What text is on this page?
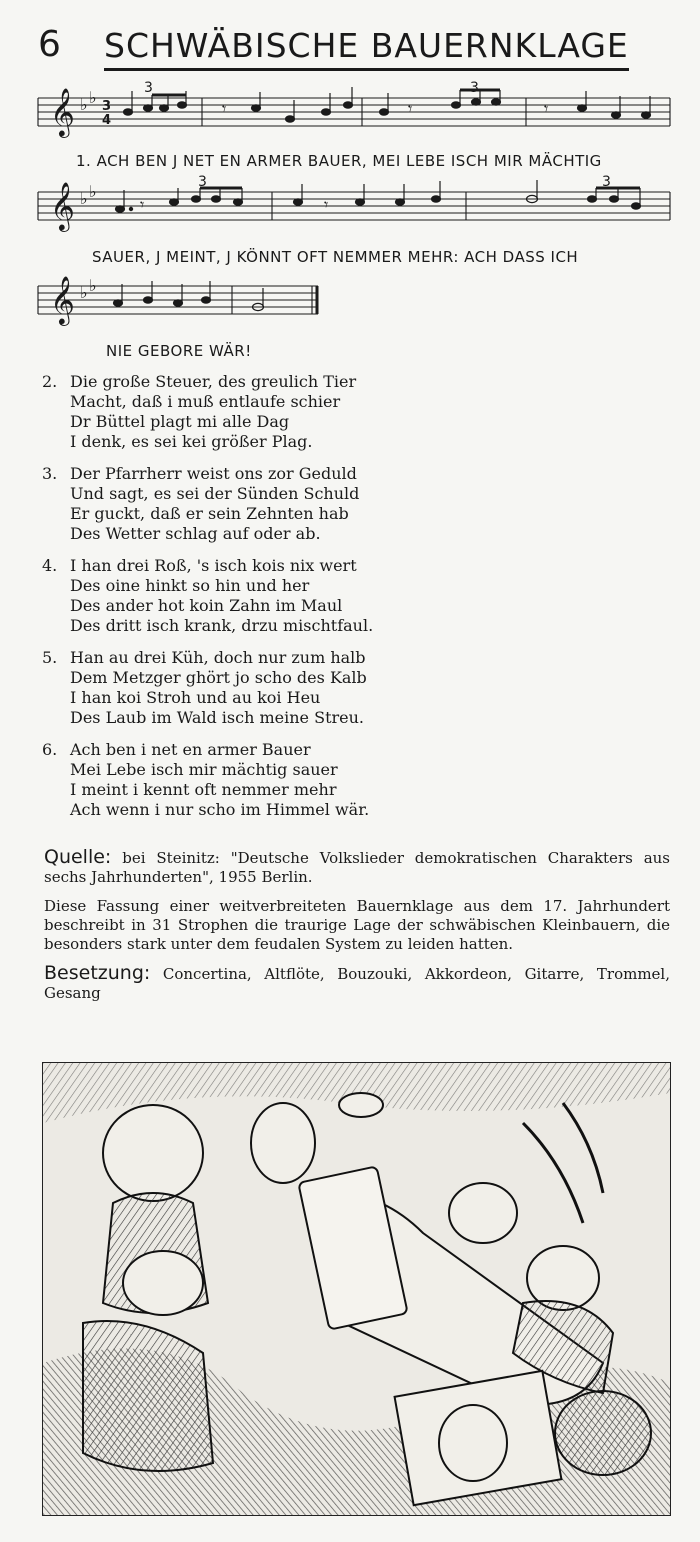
6 SCHWÄBISCHE BAUERNKLAGE
𝄞 ♭ ♭ 3
4
3	3
𝄾	𝄾	𝄾
1. ACH BEN J NET EN ARMER BAUER, MEI LEBE ISCH MIR MÄCHTIG
𝄞 ♭ ♭	3	3
𝄾	𝄾
SAUER, J MEINT, J KÖNNT OFT NEMMER MEHR: ACH DASS ICH
𝄞 ♭ ♭
NIE GEBORE WÄR!
2. Die große Steuer, des greulich Tier
Macht, daß i muß entlaufe schier
Dr Büttel plagt mi alle Dag
I denk, es sei kei größer Plag.
3. Der Pfarrherr weist ons zor Geduld
Und sagt, es sei der Sünden Schuld
Er guckt, daß er sein Zehnten hab
Des Wetter schlag auf oder ab.
4. I han drei Roß, 's isch kois nix wert
Des oine hinkt so hin und her
Des ander hot koin Zahn im Maul
Des dritt isch krank, drzu mischtfaul.
5. Han au drei Küh, doch nur zum halb
Dem Metzger ghört jo scho des Kalb
I han koi Stroh und au koi Heu
Des Laub im Wald isch meine Streu.
6. Ach ben i net en armer Bauer
Mei Lebe isch mir mächtig sauer
I meint i kennt oft nemmer mehr
Ach wenn i nur scho im Himmel wär.

Quelle: bei Steinitz: "Deutsche Volkslieder demokratischen Charakters aus sechs Jahrhunderten", 1955 Berlin.

Diese Fassung einer weitverbreiteten Bauernklage aus dem 17. Jahrhundert beschreibt in 31 Strophen die traurige Lage der schwäbischen Kleinbauern, die besonders stark unter dem feudalen System zu leiden hatten.

Besetzung: Concertina, Altflöte, Bouzouki, Akkordeon, Gitarre, Trommel, Gesang
